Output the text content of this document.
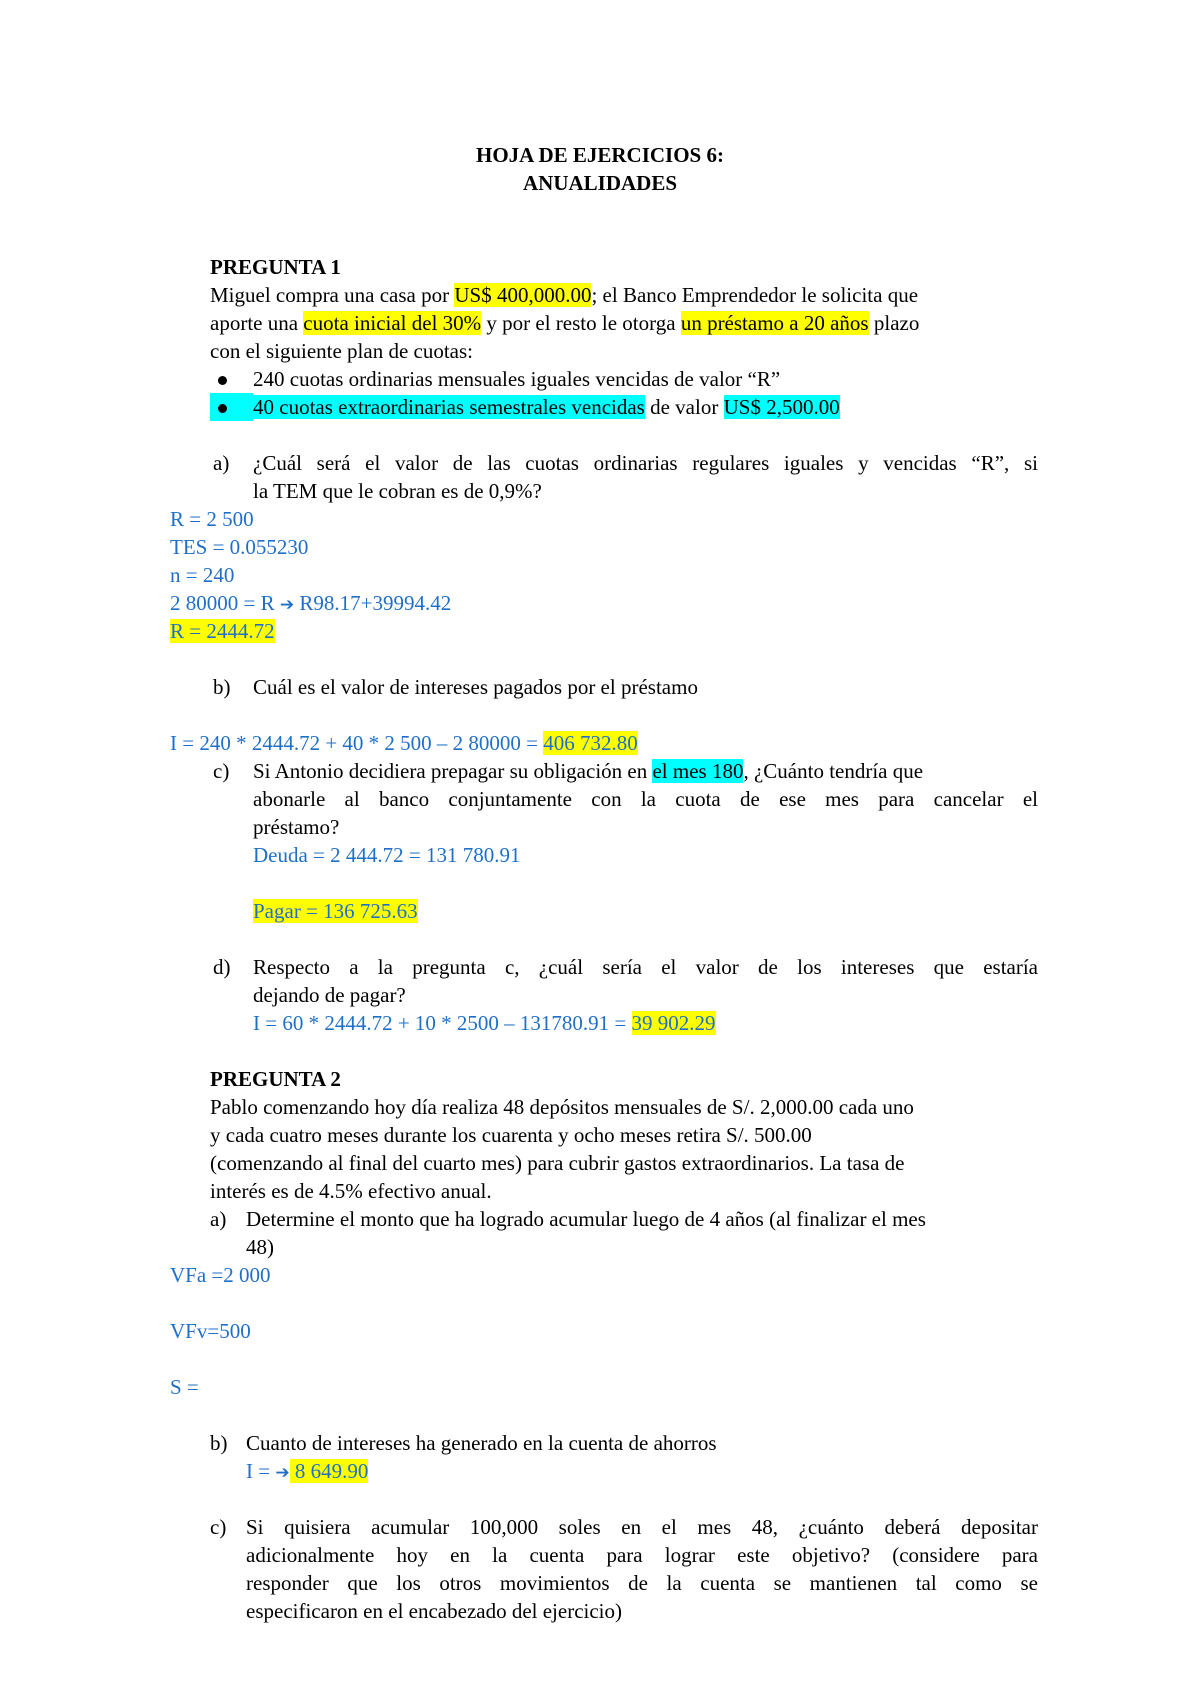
HOJA DE EJERCICIOS 6:
ANUALIDADES
PREGUNTA 1
Miguel compra una casa por US$ 400,000.00; el Banco Emprendedor le solicita que
aporte una cuota inicial del 30% y por el resto le otorga un préstamo a 20 años plazo
con el siguiente plan de cuotas:
240 cuotas ordinarias mensuales iguales vencidas de valor “R”
40 cuotas extraordinarias semestrales vencidas de valor US$ 2,500.00
a) ¿Cuál será el valor de las cuotas ordinarias regulares iguales y vencidas “R”, si
la TEM que le cobran es de 0,9%?
R = 2 500
TES = 0.055230
n = 240
2 80000 = R ➔ R98.17+39994.42
R = 2444.72
b) Cuál es el valor de intereses pagados por el préstamo
I = 240 * 2444.72 + 40 * 2 500 – 2 80000 = 406 732.80
c) Si Antonio decidiera prepagar su obligación en el mes 180, ¿Cuánto tendría que
abonarle al banco conjuntamente con la cuota de ese mes para cancelar el
préstamo?
Deuda = 2 444.72 = 131 780.91
Pagar = 136 725.63
d) Respecto a la pregunta c, ¿cuál sería el valor de los intereses que estaría
dejando de pagar?
I = 60 * 2444.72 + 10 * 2500 – 131780.91 = 39 902.29
PREGUNTA 2
Pablo comenzando hoy día realiza 48 depósitos mensuales de S/. 2,000.00 cada uno
y cada cuatro meses durante los cuarenta y ocho meses retira S/. 500.00
(comenzando al final del cuarto mes) para cubrir gastos extraordinarios. La tasa de
interés es de 4.5% efectivo anual.
a) Determine el monto que ha logrado acumular luego de 4 años (al finalizar el mes
48)
VFa =2 000
VFv=500
S =
b) Cuanto de intereses ha generado en la cuenta de ahorros
I = ➔ 8 649.90
c) Si quisiera acumular 100,000 soles en el mes 48, ¿cuánto deberá depositar
adicionalmente hoy en la cuenta para lograr este objetivo? (considere para
responder que los otros movimientos de la cuenta se mantienen tal como se
especificaron en el encabezado del ejercicio)
